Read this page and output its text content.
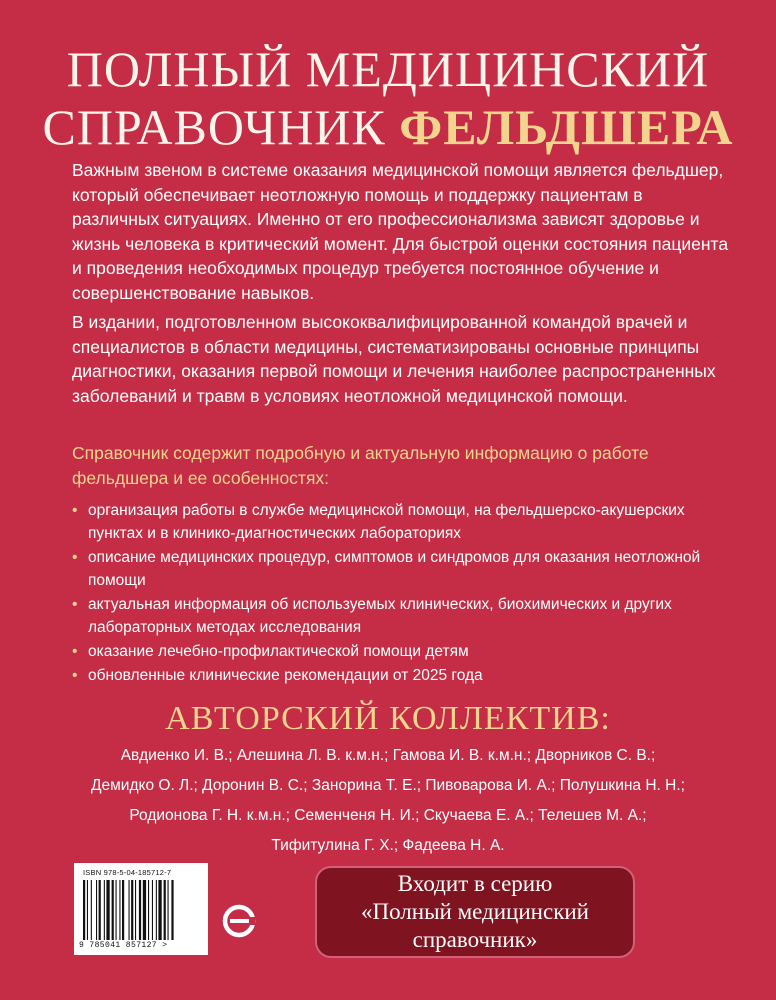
ПОЛНЫЙ МЕДИЦИНСКИЙ
СПРАВОЧНИК ФЕЛЬДШЕРА
Важным звеном в системе оказания медицинской помощи является фельдшер, который обеспечивает неотложную помощь и поддержку пациентам в различных ситуациях. Именно от его профессионализма зависят здоровье и жизнь человека в критический момент. Для быстрой оценки состояния пациента и проведения необходимых процедур требуется постоянное обучение и совершенствование навыков.
В издании, подготовленном высококвалифицированной командой врачей и специалистов в области медицины, систематизированы основные принципы диагностики, оказания первой помощи и лечения наиболее распространенных заболеваний и травм в условиях неотложной медицинской помощи.
Справочник содержит подробную и актуальную информацию о работе фельдшера и ее особенностях:
• организация работы в службе медицинской помощи, на фельдшерско-акушерских пунктах и в клинико-диагностических лабораториях
• описание медицинских процедур, симптомов и синдромов для оказания неотложной помощи
• актуальная информация об используемых клинических, биохимических и других лабораторных методах исследования
• оказание лечебно-профилактической помощи детям
• обновленные клинические рекомендации от 2025 года
АВТОРСКИЙ КОЛЛЕКТИВ:
Авдиенко И. В.; Алешина Л. В. к.м.н.; Гамова И. В. к.м.н.; Дворников С. В.;
Демидко О. Л.; Доронин В. С.; Занорина Т. Е.; Пивоварова И. А.; Полушкина Н. Н.;
Родионова Г. Н. к.м.н.; Семенченя Н. И.; Скучаева Е. А.; Телешев М. А.;
Тифитулина Г. Х.; Фадеева Н. А.
ISBN 978-5-04-185712-7
9 785041 857127 >
Входит в серию
«Полный медицинский
справочник»
